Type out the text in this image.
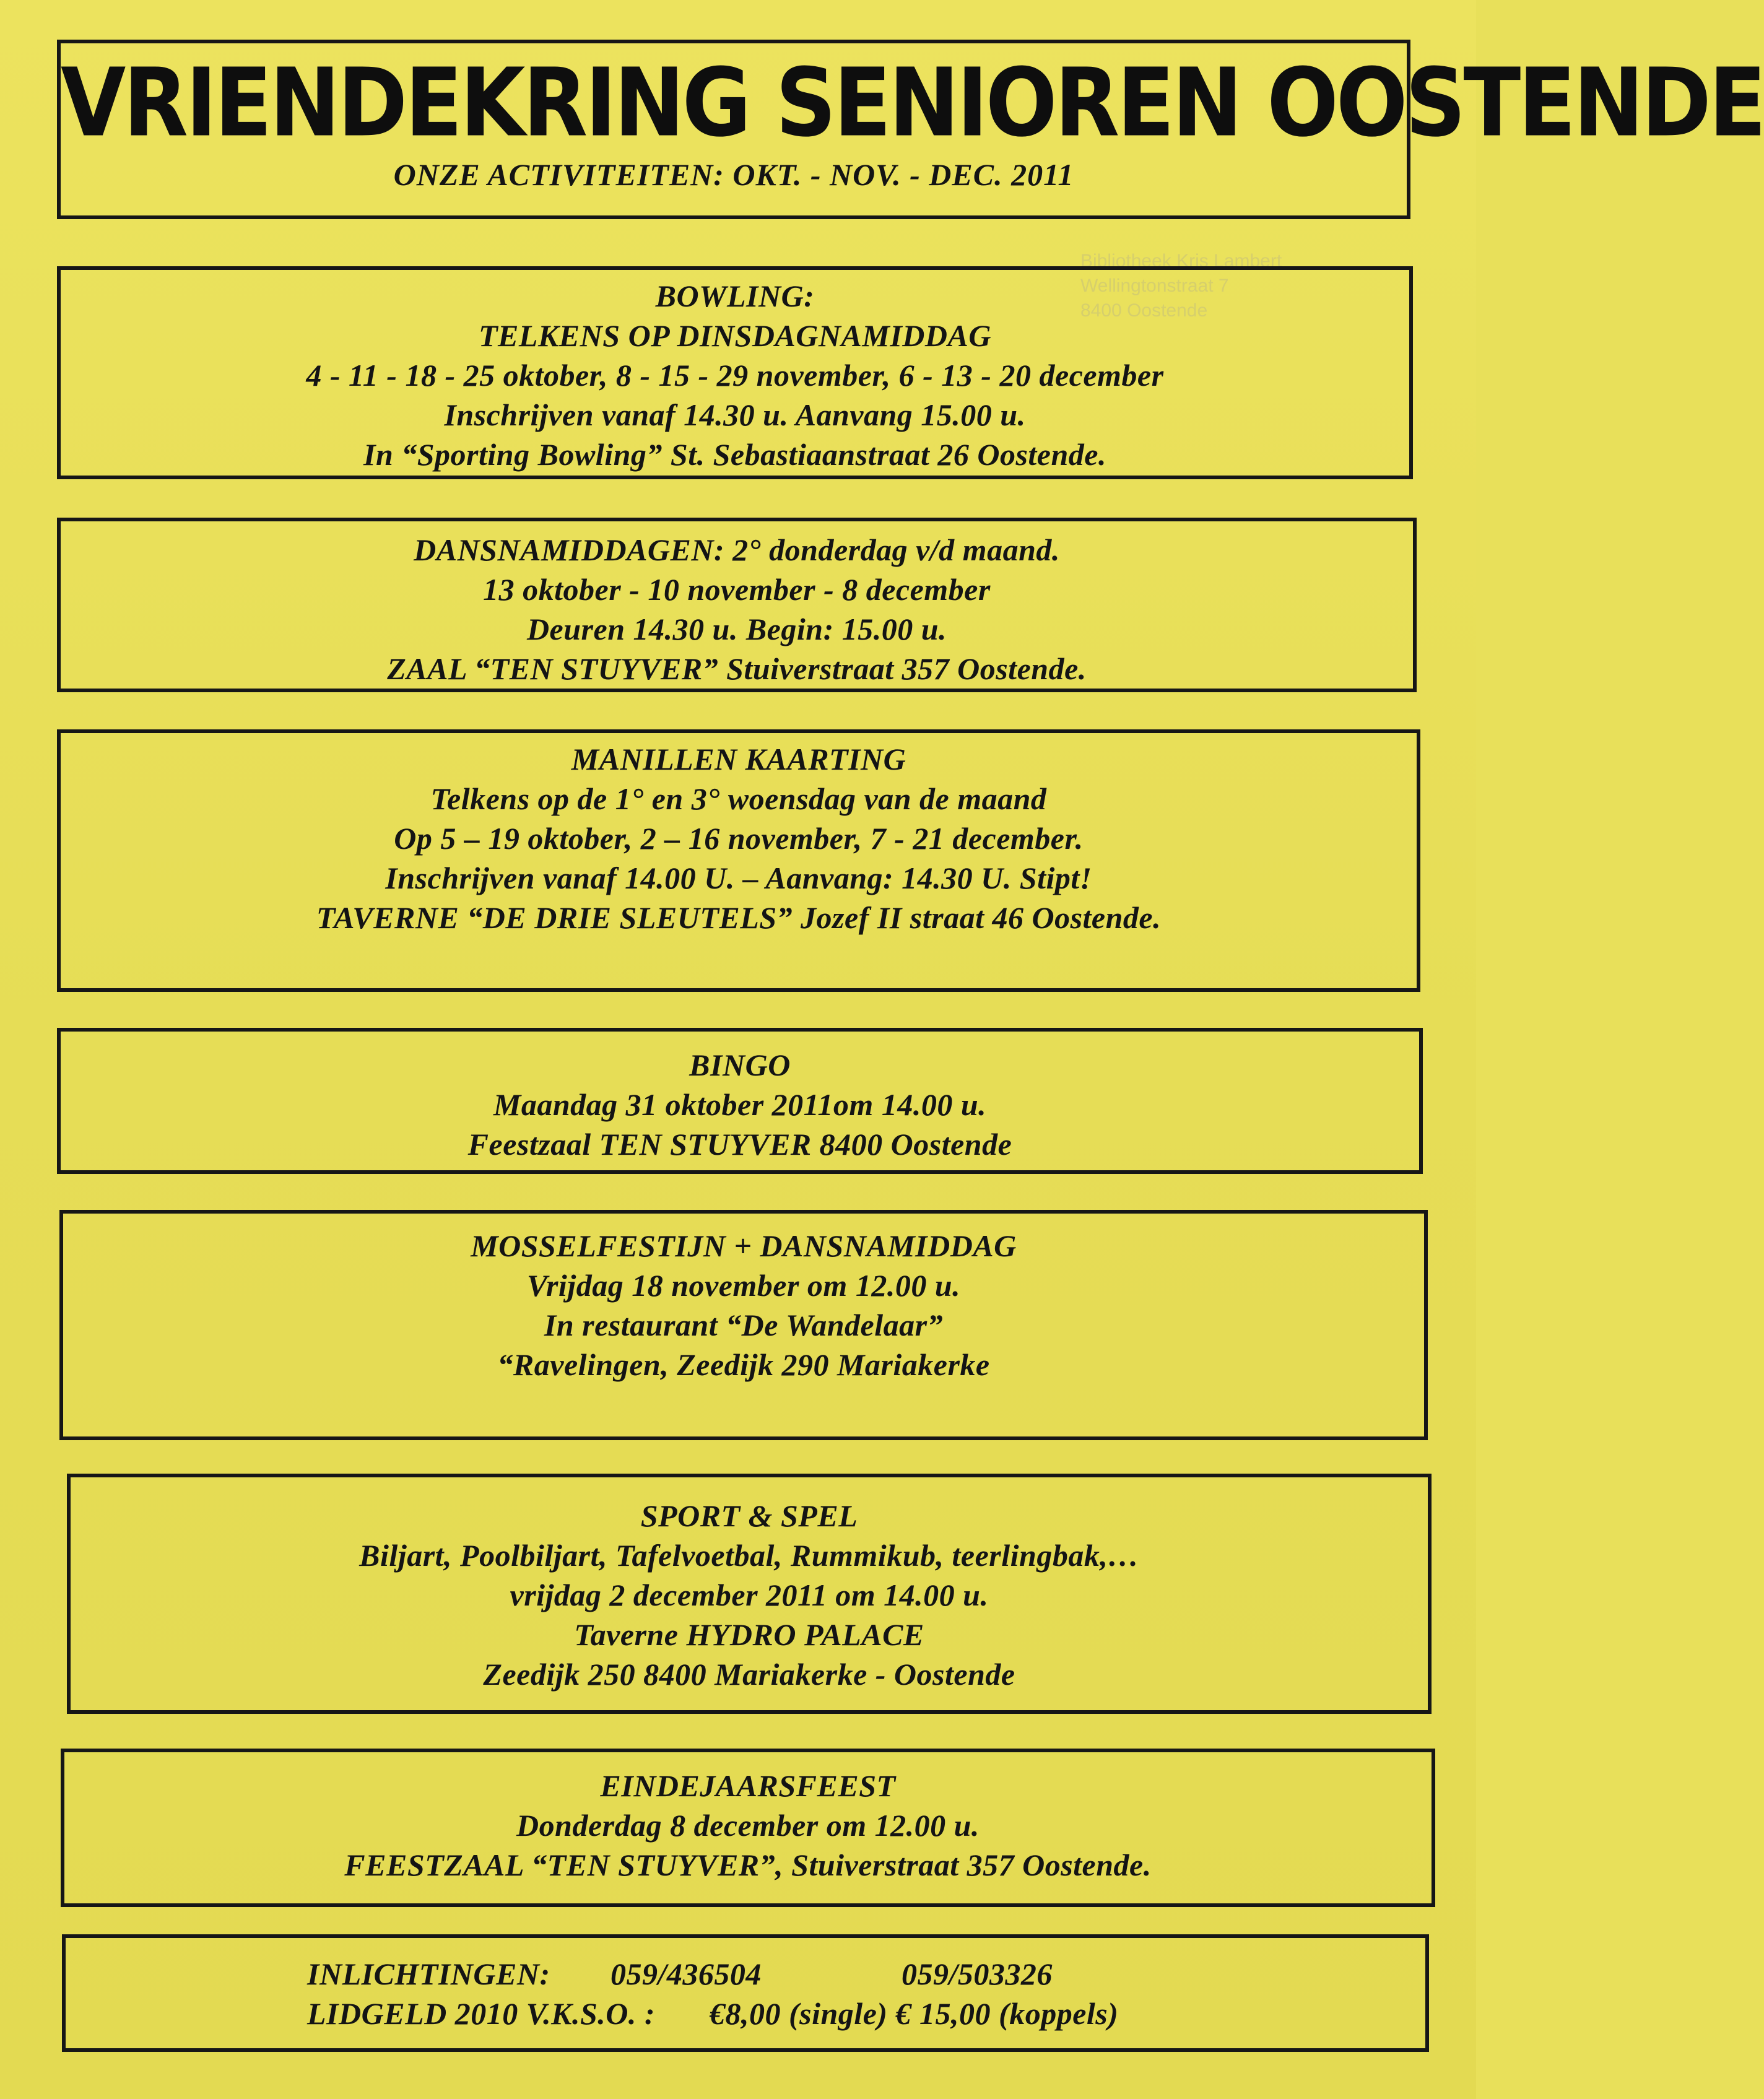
VRIENDEKRING SENIOREN OOSTENDE
ONZE ACTIVITEITEN: OKT. - NOV. - DEC. 2011
Bibliotheek Kris Lambert
Wellingtonstraat 7
8400 Oostende
BOWLING:
TELKENS OP DINSDAGNAMIDDAG
4 - 11 - 18 - 25 oktober, 8 - 15 - 29 november, 6 - 13 - 20 december
Inschrijven vanaf 14.30 u. Aanvang 15.00 u.
In “Sporting Bowling” St. Sebastiaanstraat 26 Oostende.
DANSNAMIDDAGEN: 2° donderdag v/d maand.
13 oktober - 10 november - 8 december
Deuren 14.30 u. Begin: 15.00 u.
ZAAL “TEN STUYVER” Stuiverstraat 357 Oostende.
MANILLEN KAARTING
Telkens op de 1° en 3° woensdag van de maand
Op 5 – 19 oktober, 2 – 16 november, 7 - 21 december.
Inschrijven vanaf 14.00 U. – Aanvang: 14.30 U. Stipt!
TAVERNE “DE DRIE SLEUTELS” Jozef II straat 46 Oostende.
BINGO
Maandag 31 oktober 2011om 14.00 u.
Feestzaal TEN STUYVER 8400 Oostende
MOSSELFESTIJN + DANSNAMIDDAG
Vrijdag 18 november om 12.00 u.
In restaurant “De Wandelaar”
“Ravelingen, Zeedijk 290 Mariakerke
SPORT & SPEL
Biljart, Poolbiljart, Tafelvoetbal, Rummikub, teerlingbak,…
vrijdag 2 december 2011 om 14.00 u.
Taverne HYDRO PALACE
Zeedijk 250 8400 Mariakerke - Oostende
EINDEJAARSFEEST
Donderdag 8 december om 12.00 u.
FEESTZAAL “TEN STUYVER”, Stuiverstraat 357 Oostende.
INLICHTINGEN:	059/436504	059/503326
LIDGELD 2010 V.K.S.O. :	€8,00 (single) € 15,00 (koppels)
